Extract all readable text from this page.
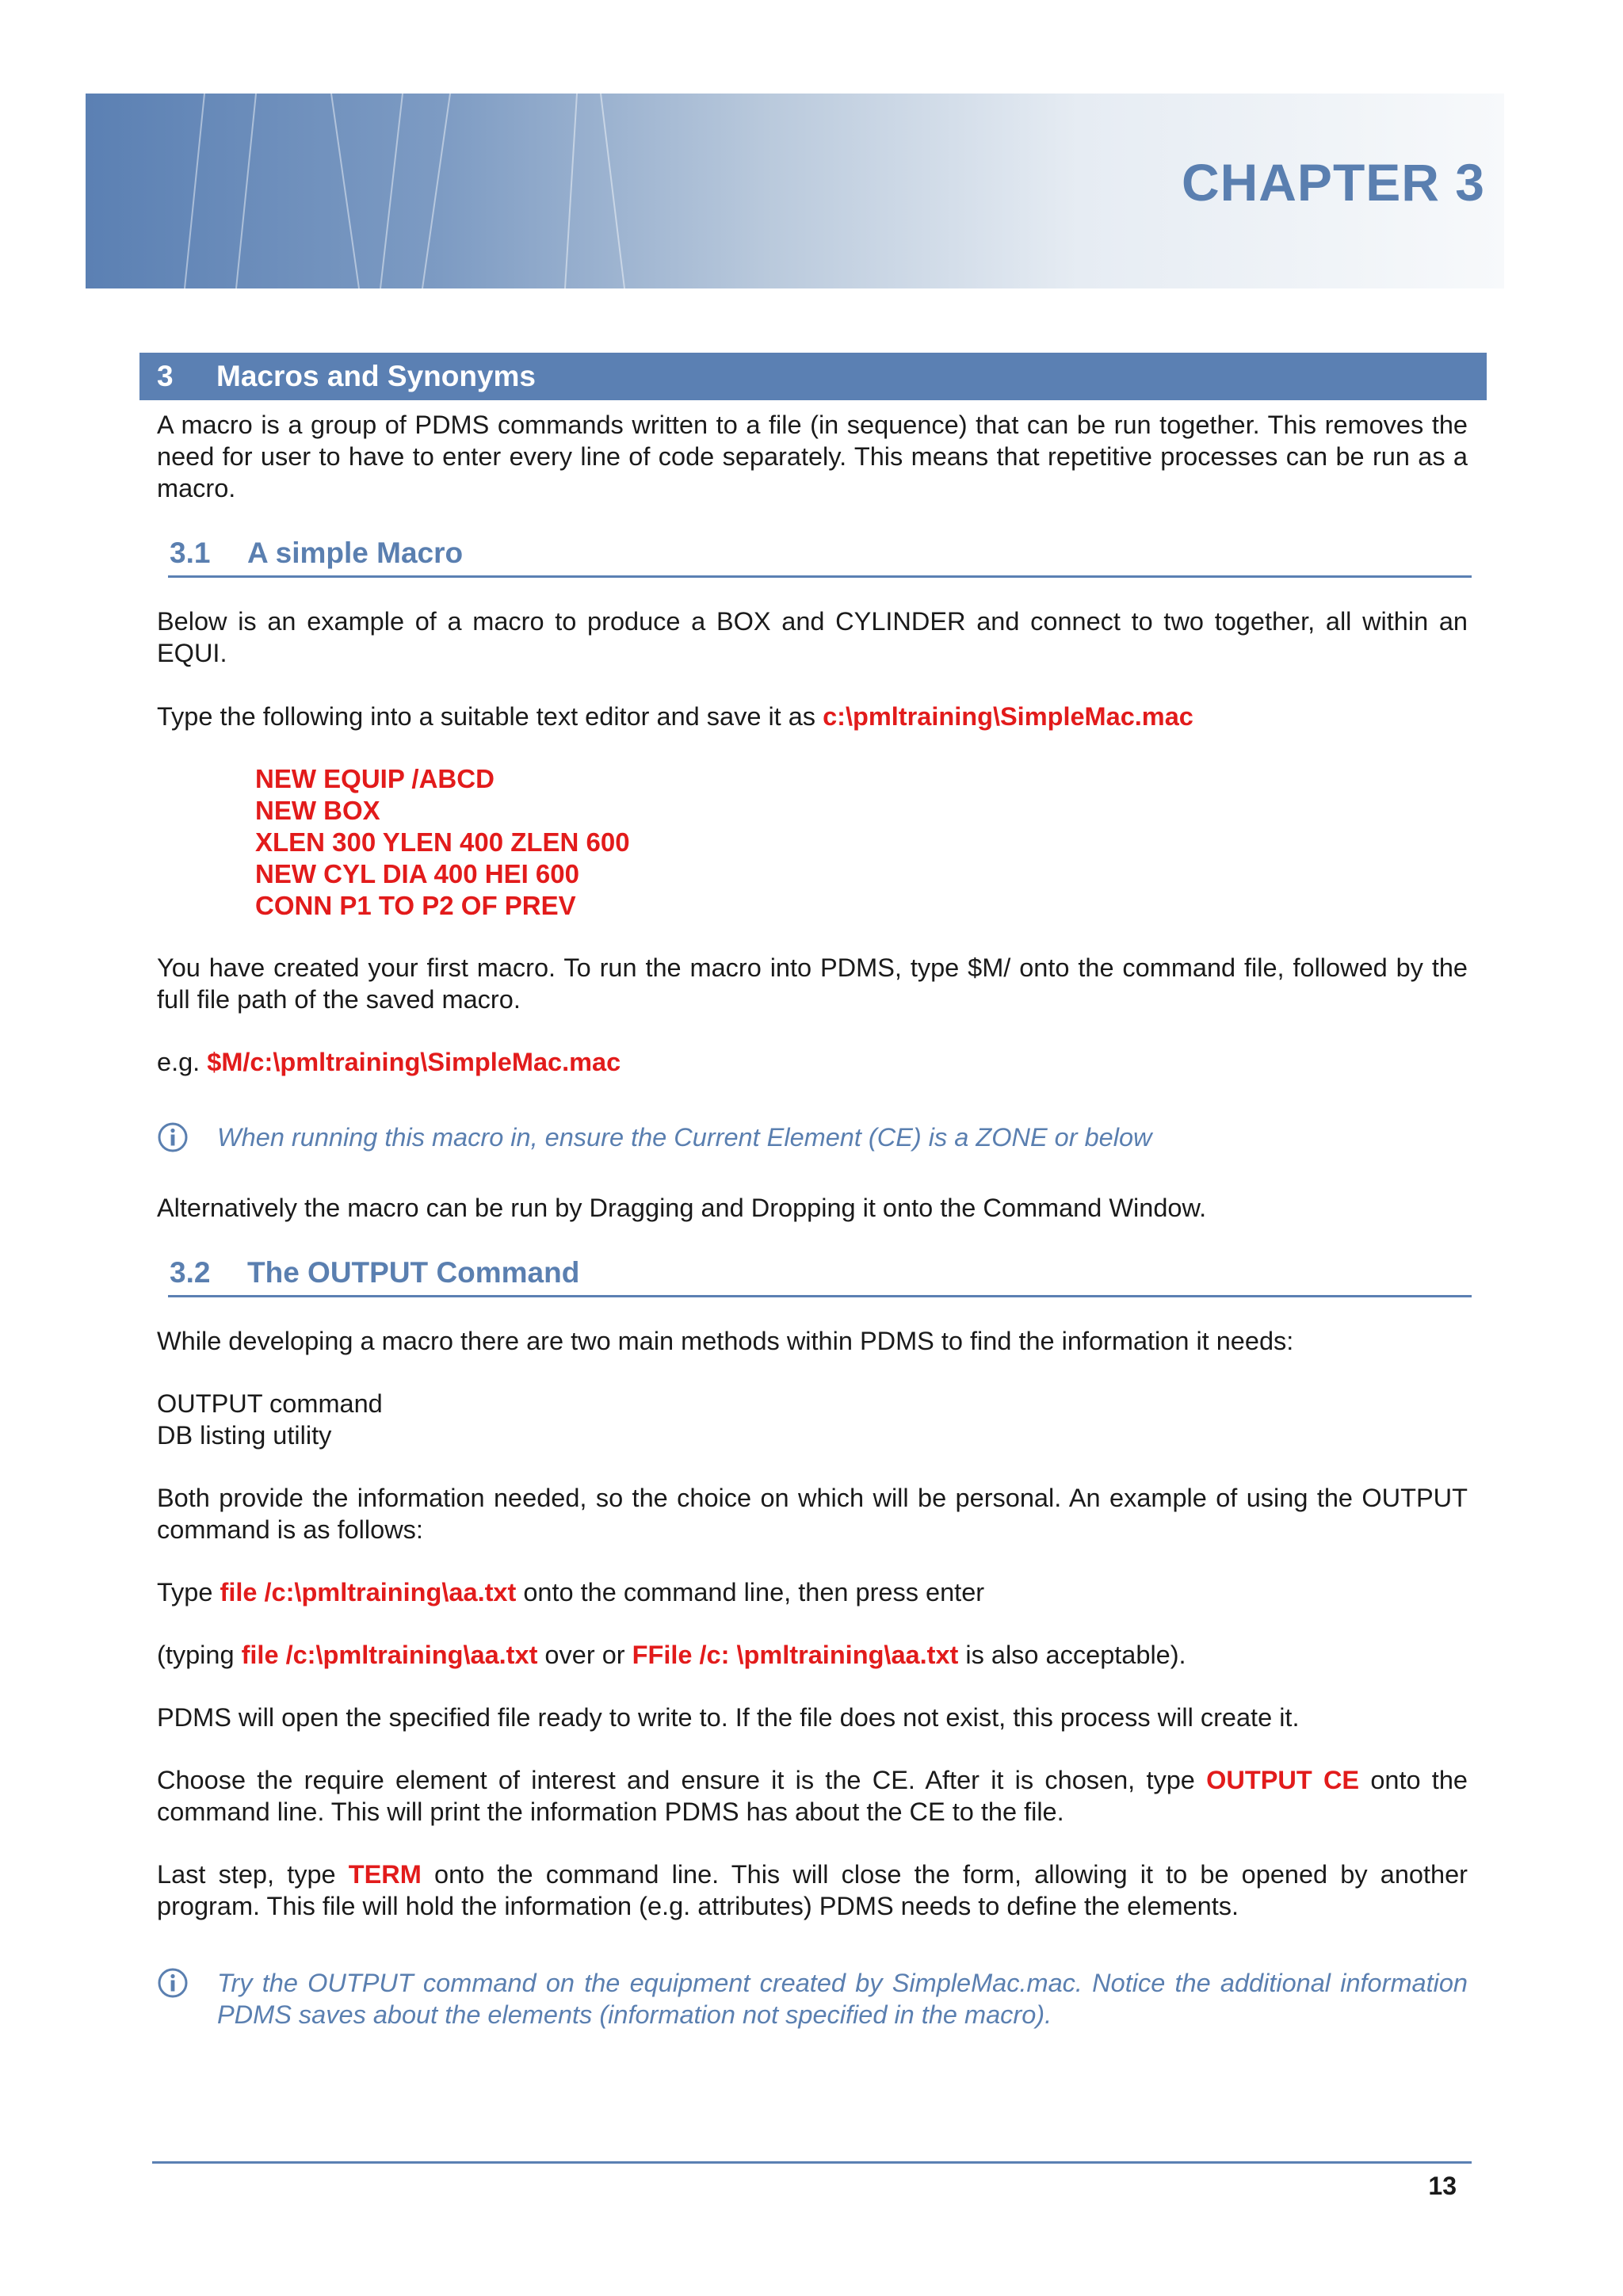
CHAPTER 3
3 Macros and Synonyms
A macro is a group of PDMS commands written to a file (in sequence) that can be run together. This removes the need for user to have to enter every line of code separately. This means that repetitive processes can be run as a macro.
3.1 A simple Macro
Below is an example of a macro to produce a BOX and CYLINDER and connect to two together, all within an EQUI.
Type the following into a suitable text editor and save it as c:\pmltraining\SimpleMac.mac
NEW EQUIP /ABCD
NEW BOX
XLEN 300 YLEN 400 ZLEN 600
NEW CYL DIA 400 HEI 600
CONN P1 TO P2 OF PREV
You have created your first macro. To run the macro into PDMS, type $M/ onto the command file, followed by the full file path of the saved macro.
e.g. $M/c:\pmltraining\SimpleMac.mac
When running this macro in, ensure the Current Element (CE) is a ZONE or below
Alternatively the macro can be run by Dragging and Dropping it onto the Command Window.
3.2 The OUTPUT Command
While developing a macro there are two main methods within PDMS to find the information it needs:
OUTPUT command
DB listing utility
Both provide the information needed, so the choice on which will be personal. An example of using the OUTPUT command is as follows:
Type file /c:\pmltraining\aa.txt onto the command line, then press enter
(typing file /c:\pmltraining\aa.txt over or FFile /c: \pmltraining\aa.txt is also acceptable).
PDMS will open the specified file ready to write to. If the file does not exist, this process will create it.
Choose the require element of interest and ensure it is the CE. After it is chosen, type OUTPUT CE onto the command line. This will print the information PDMS has about the CE to the file.
Last step, type TERM onto the command line. This will close the form, allowing it to be opened by another program. This file will hold the information (e.g. attributes) PDMS needs to define the elements.
Try the OUTPUT command on the equipment created by SimpleMac.mac. Notice the additional information PDMS saves about the elements (information not specified in the macro).
13
